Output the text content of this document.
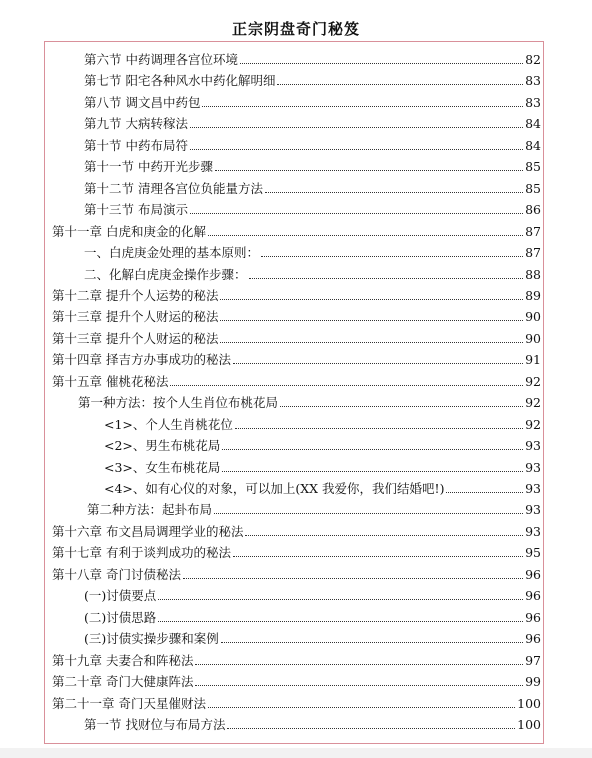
正宗阴盘奇门秘笈
第六节 中药调理各宫位环境	82
第七节 阳宅各种风水中药化解明细	83
第八节 调文昌中药包	83
第九节 大病转稼法	84
第十节 中药布局符	84
第十一节 中药开光步骤	85
第十二节 清理各宫位负能量方法	85
第十三节 布局演示	86
第十一章 白虎和庚金的化解	87
一、白虎庚金处理的基本原则：	87
二、化解白虎庚金操作步骤：	88
第十二章 提升个人运势的秘法	89
第十三章 提升个人财运的秘法	90
第十三章 提升个人财运的秘法	90
第十四章 择吉方办事成功的秘法	91
第十五章 催桃花秘法	92
第一种方法：按个人生肖位布桃花局	92
<1>、个人生肖桃花位	92
<2>、男生布桃花局	93
<3>、女生布桃花局	93
<4>、如有心仪的对象，可以加上(XX 我爱你，我们结婚吧!)	93
第二种方法：起卦布局	93
第十六章 布文昌局调理学业的秘法	93
第十七章 有利于谈判成功的秘法	95
第十八章 奇门讨债秘法	96
(一)讨债要点	96
(二)讨债思路	96
(三)讨债实操步骤和案例	96
第十九章 夫妻合和阵秘法	97
第二十章 奇门大健康阵法	99
第二十一章 奇门天星催财法	100
第一节 找财位与布局方法	100
